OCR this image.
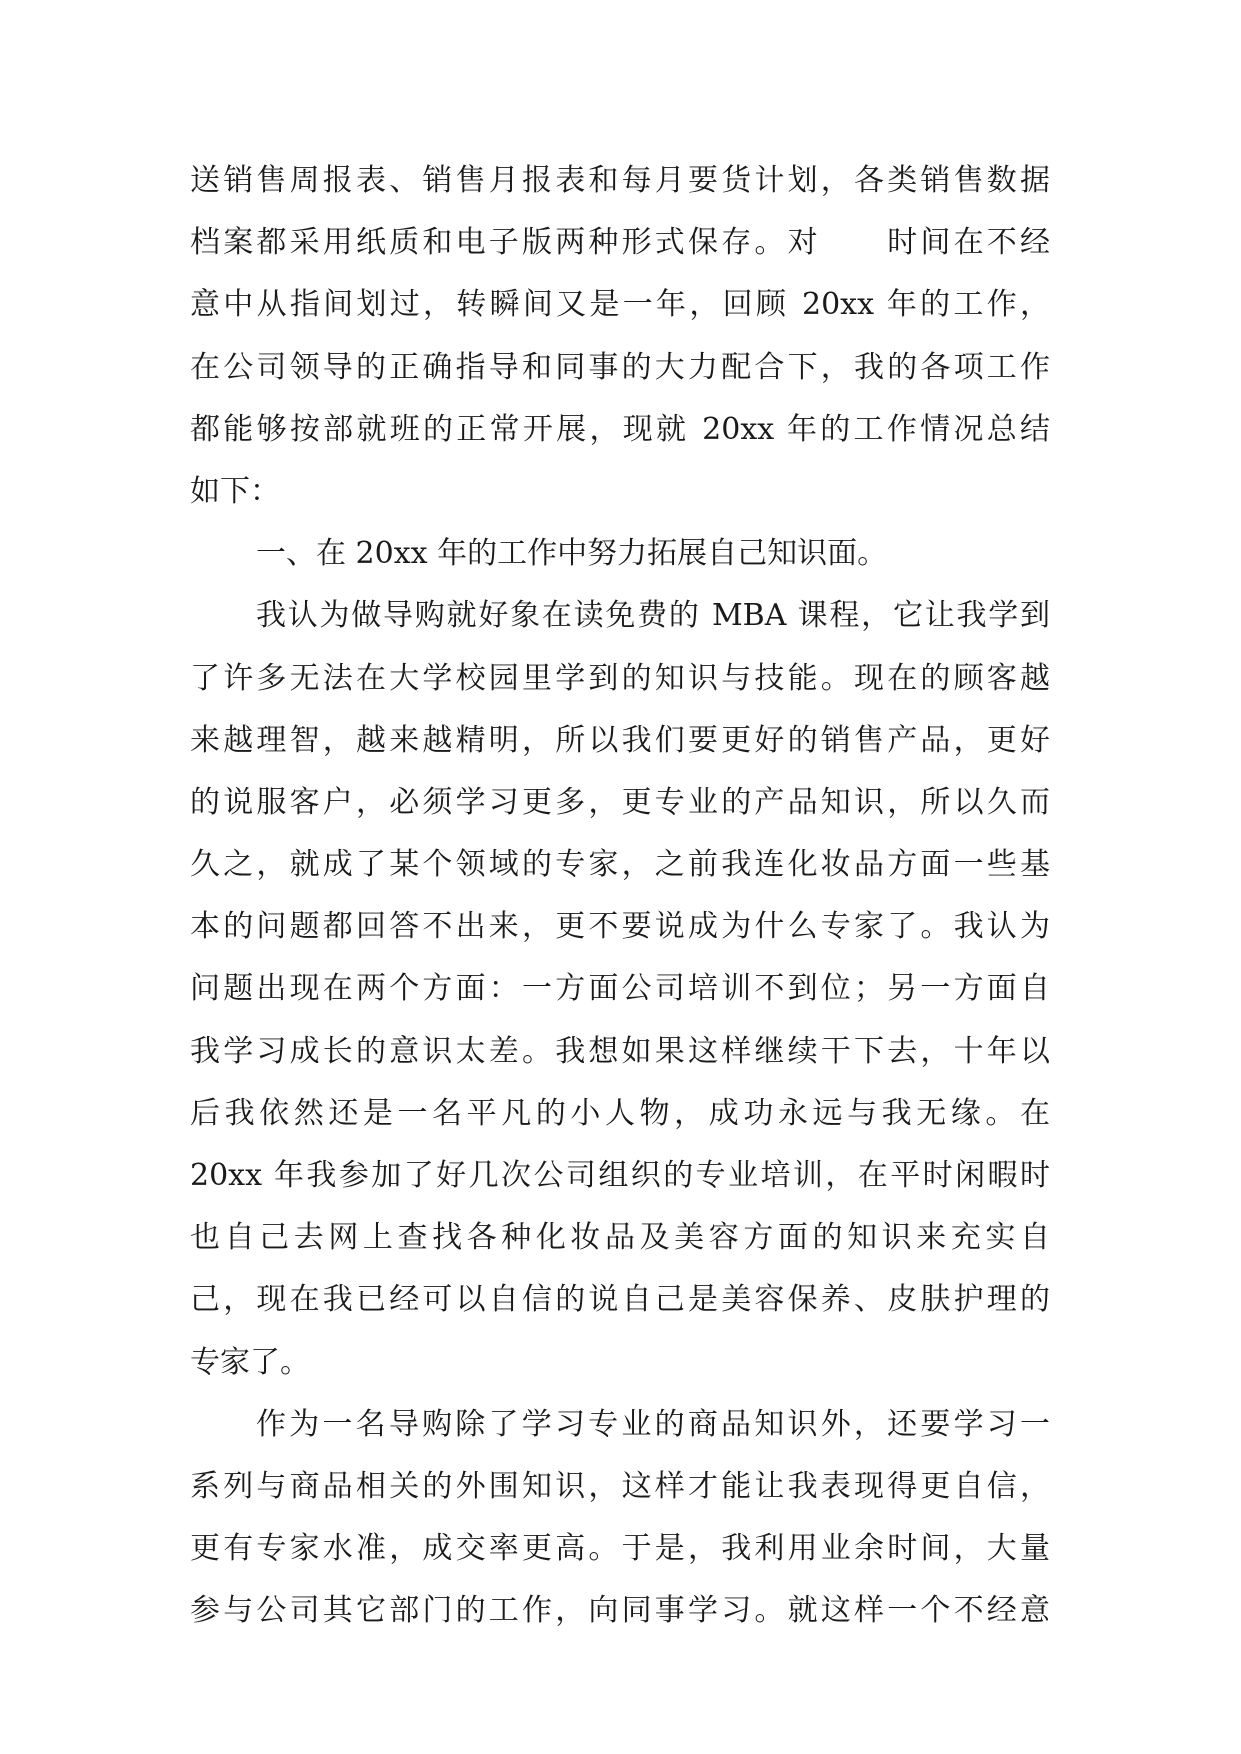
送销售周报表、销售月报表和每月要货计划，各类销售数据
档案都采用纸质和电子版两种形式保存。对　　时间在不经
意中从指间划过，转瞬间又是一年，回顾 20xx 年的工作，
在公司领导的正确指导和同事的大力配合下，我的各项工作
都能够按部就班的正常开展，现就 20xx 年的工作情况总结
如下：
一、在 20xx 年的工作中努力拓展自己知识面。
我认为做导购就好象在读免费的 MBA 课程，它让我学到
了许多无法在大学校园里学到的知识与技能。现在的顾客越
来越理智，越来越精明，所以我们要更好的销售产品，更好
的说服客户，必须学习更多，更专业的产品知识，所以久而
久之，就成了某个领域的专家，之前我连化妆品方面一些基
本的问题都回答不出来，更不要说成为什么专家了。我认为
问题出现在两个方面：一方面公司培训不到位；另一方面自
我学习成长的意识太差。我想如果这样继续干下去，十年以
后我依然还是一名平凡的小人物，成功永远与我无缘。在
20xx 年我参加了好几次公司组织的专业培训，在平时闲暇时
也自己去网上查找各种化妆品及美容方面的知识来充实自
己，现在我已经可以自信的说自己是美容保养、皮肤护理的
专家了。
作为一名导购除了学习专业的商品知识外，还要学习一
系列与商品相关的外围知识，这样才能让我表现得更自信，
更有专家水准，成交率更高。于是，我利用业余时间，大量
参与公司其它部门的工作，向同事学习。就这样一个不经意
